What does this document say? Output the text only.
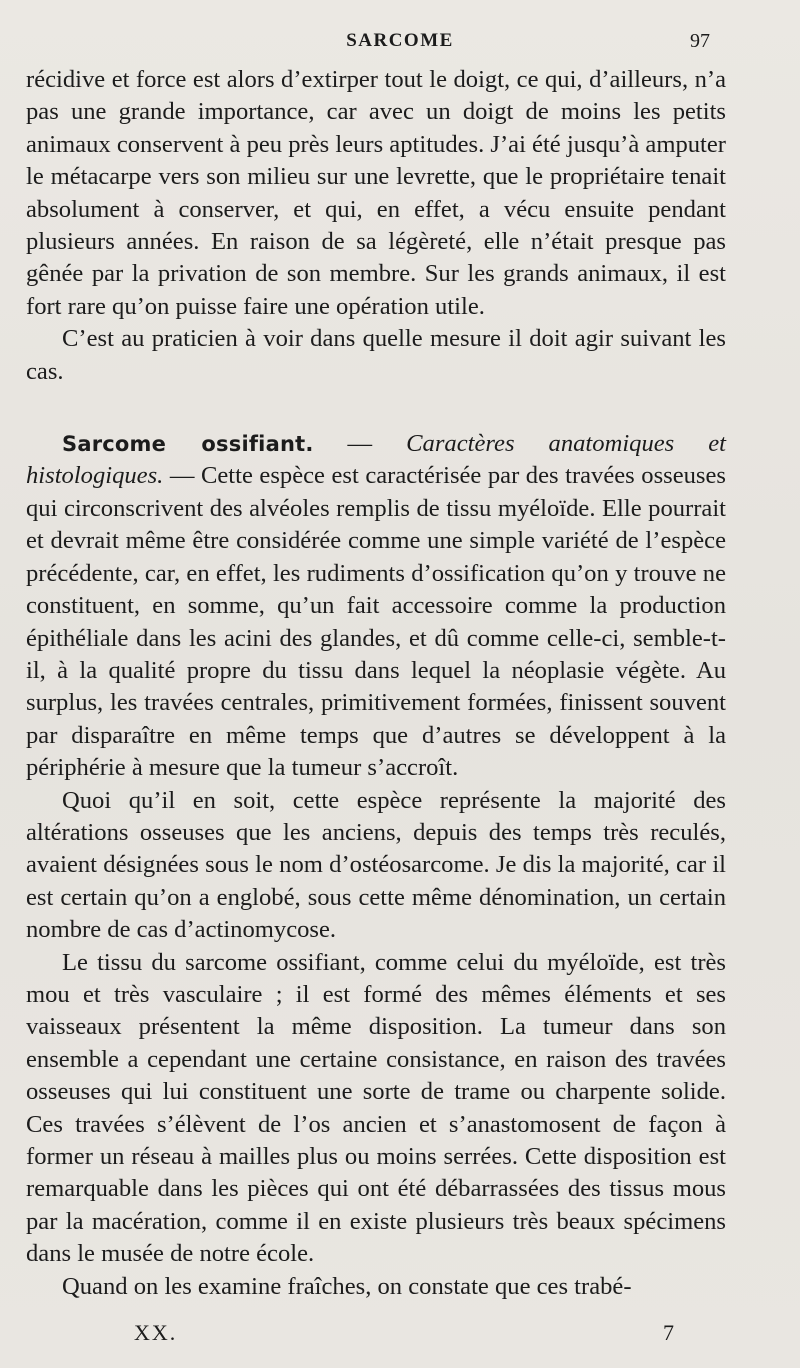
SARCOME	97

récidive et force est alors d’extirper tout le doigt, ce qui, d’ailleurs, n’a pas une grande importance, car avec un doigt de moins les petits animaux conservent à peu près leurs aptitudes. J’ai été jusqu’à amputer le métacarpe vers son milieu sur une levrette, que le propriétaire tenait absolument à conserver, et qui, en effet, a vécu ensuite pendant plusieurs années. En raison de sa légèreté, elle n’était presque pas gênée par la privation de son membre. Sur les grands animaux, il est fort rare qu’on puisse faire une opération utile.

C’est au praticien à voir dans quelle mesure il doit agir suivant les cas.

Sarcome ossifiant. — Caractères anatomiques et histologiques. — Cette espèce est caractérisée par des travées osseuses qui circonscrivent des alvéoles remplis de tissu myéloïde. Elle pourrait et devrait même être considérée comme une simple variété de l’espèce précédente, car, en effet, les rudiments d’ossification qu’on y trouve ne constituent, en somme, qu’un fait accessoire comme la production épithéliale dans les acini des glandes, et dû comme celle-ci, semble-t-il, à la qualité propre du tissu dans lequel la néoplasie végète. Au surplus, les travées centrales, primitivement formées, finissent souvent par disparaître en même temps que d’autres se développent à la périphérie à mesure que la tumeur s’accroît.

Quoi qu’il en soit, cette espèce représente la majorité des altérations osseuses que les anciens, depuis des temps très reculés, avaient désignées sous le nom d’ostéosarcome. Je dis la majorité, car il est certain qu’on a englobé, sous cette même dénomination, un certain nombre de cas d’actinomycose.

Le tissu du sarcome ossifiant, comme celui du myéloïde, est très mou et très vasculaire ; il est formé des mêmes éléments et ses vaisseaux présentent la même disposition. La tumeur dans son ensemble a cependant une certaine consistance, en raison des travées osseuses qui lui constituent une sorte de trame ou charpente solide. Ces travées s’élèvent de l’os ancien et s’anastomosent de façon à former un réseau à mailles plus ou moins serrées. Cette disposition est remarquable dans les pièces qui ont été débarrassées des tissus mous par la macération, comme il en existe plusieurs très beaux spécimens dans le musée de notre école.

Quand on les examine fraîches, on constate que ces trabé-

XX.	7
